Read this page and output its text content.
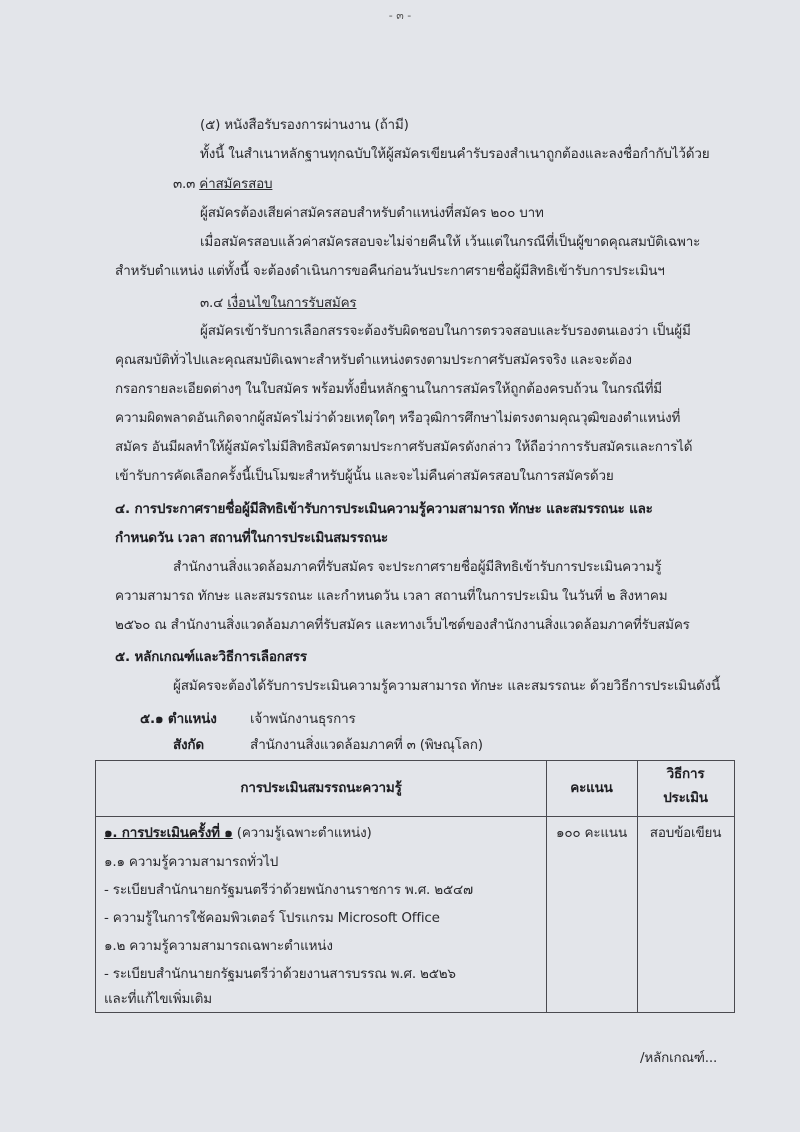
- ๓ -
(๕) หนังสือรับรองการผ่านงาน (ถ้ามี)
ทั้งนี้ ในสำเนาหลักฐานทุกฉบับให้ผู้สมัครเขียนคำรับรองสำเนาถูกต้องและลงชื่อกำกับไว้ด้วย
๓.๓ ค่าสมัครสอบ
ผู้สมัครต้องเสียค่าสมัครสอบสำหรับตำแหน่งที่สมัคร ๒๐๐ บาท
เมื่อสมัครสอบแล้วค่าสมัครสอบจะไม่จ่ายคืนให้ เว้นแต่ในกรณีที่เป็นผู้ขาดคุณสมบัติเฉพาะ
สำหรับตำแหน่ง แต่ทั้งนี้ จะต้องดำเนินการขอคืนก่อนวันประกาศรายชื่อผู้มีสิทธิเข้ารับการประเมินฯ
๓.๔ เงื่อนไขในการรับสมัคร
ผู้สมัครเข้ารับการเลือกสรรจะต้องรับผิดชอบในการตรวจสอบและรับรองตนเองว่า เป็นผู้มี
คุณสมบัติทั่วไปและคุณสมบัติเฉพาะสำหรับตำแหน่งตรงตามประกาศรับสมัครจริง และจะต้อง
กรอกรายละเอียดต่างๆ ในใบสมัคร พร้อมทั้งยื่นหลักฐานในการสมัครให้ถูกต้องครบถ้วน ในกรณีที่มี
ความผิดพลาดอันเกิดจากผู้สมัครไม่ว่าด้วยเหตุใดๆ หรือวุฒิการศึกษาไม่ตรงตามคุณวุฒิของตำแหน่งที่
สมัคร อันมีผลทำให้ผู้สมัครไม่มีสิทธิสมัครตามประกาศรับสมัครดังกล่าว ให้ถือว่าการรับสมัครและการได้
เข้ารับการคัดเลือกครั้งนี้เป็นโมฆะสำหรับผู้นั้น และจะไม่คืนค่าสมัครสอบในการสมัครด้วย
๔. การประกาศรายชื่อผู้มีสิทธิเข้ารับการประเมินความรู้ความสามารถ ทักษะ และสมรรถนะ และ
กำหนดวัน เวลา สถานที่ในการประเมินสมรรถนะ
สำนักงานสิ่งแวดล้อมภาคที่รับสมัคร จะประกาศรายชื่อผู้มีสิทธิเข้ารับการประเมินความรู้
ความสามารถ ทักษะ และสมรรถนะ และกำหนดวัน เวลา สถานที่ในการประเมิน ในวันที่ ๒ สิงหาคม
๒๕๖๐ ณ สำนักงานสิ่งแวดล้อมภาคที่รับสมัคร และทางเว็บไซต์ของสำนักงานสิ่งแวดล้อมภาคที่รับสมัคร
๕. หลักเกณฑ์และวิธีการเลือกสรร
ผู้สมัครจะต้องได้รับการประเมินความรู้ความสามารถ ทักษะ และสมรรถนะ ด้วยวิธีการประเมินดังนี้
๕.๑ ตำแหน่ง เจ้าพนักงานธุรการ
สังกัด	สำนักงานสิ่งแวดล้อมภาคที่ ๓ (พิษณุโลก)
การประเมินสมรรถนะความรู้	คะแนน
วิธีการ
ประเมิน
๑. การประเมินครั้งที่ ๑ (ความรู้เฉพาะตำแหน่ง)	๑๐๐ คะแนน	สอบข้อเขียน
๑.๑ ความรู้ความสามารถทั่วไป
- ระเบียบสำนักนายกรัฐมนตรีว่าด้วยพนักงานราชการ พ.ศ. ๒๕๔๗
- ความรู้ในการใช้คอมพิวเตอร์ โปรแกรม Microsoft Office
๑.๒ ความรู้ความสามารถเฉพาะตำแหน่ง
- ระเบียบสำนักนายกรัฐมนตรีว่าด้วยงานสารบรรณ พ.ศ. ๒๕๒๖
และที่แก้ไขเพิ่มเติม
/หลักเกณฑ์...
